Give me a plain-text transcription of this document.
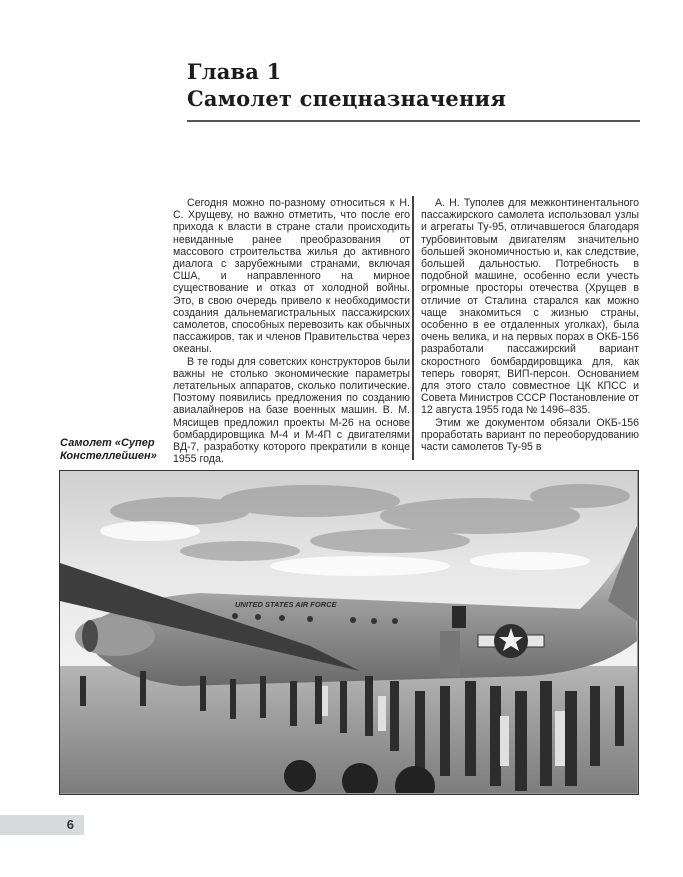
Глава 1
Самолет спецназначения

Сегодня можно по-разному относиться к Н. С. Хрущеву, но важно отметить, что после его прихода к власти в стране стали происходить невиданные ранее преобразования от массового строительства жилья до активного диалога с зарубежными странами, включая США, и направленного на мирное существование и отказ от холодной войны. Это, в свою очередь привело к необходимости создания дальнемагистральных пассажирских самолетов, способных перевозить как обычных пассажиров, так и членов Правительства через океаны.

В те годы для советских конструкторов были важны не столько экономические параметры летательных аппаратов, сколько политические. Поэтому появились предложения по созданию авиалайнеров на базе военных машин. В. М. Мясищев предложил проекты М-26 на основе бомбардировщика М-4 и М-4П с двигателями ВД-7, разработку которого прекратили в конце 1955 года.

А. Н. Туполев для межконтинентального пассажирского самолета использовал узлы и агрегаты Ту-95, отличавшегося благодаря турбовинтовым двигателям значительно большей экономичностью и, как следствие, большей дальностью. Потребность в подобной машине, особенно если учесть огромные просторы отечества (Хрущев в отличие от Сталина старался как можно чаще знакомиться с жизнью страны, особенно в ее отдаленных уголках), была очень велика, и на первых порах в ОКБ-156 разработали пассажирский вариант скоростного бомбардировщика для, как теперь говорят, ВИП-персон. Основанием для этого стало совместное ЦК КПСС и Совета Министров СССР Постановление от 12 августа 1955 года № 1496–835.

Этим же документом обязали ОКБ-156 проработать вариант по переоборудованию части самолетов Ту-95 в

Самолет «Супер Констеллейшен»
UNITED STATES AIR FORCE
6
